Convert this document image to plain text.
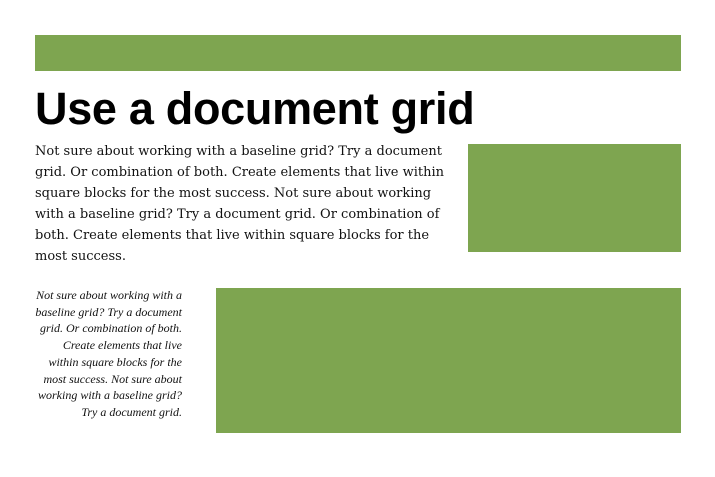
Use a document grid

Not sure about working with a baseline grid? Try a document grid. Or combination of both. Create elements that live within square blocks for the most success. Not sure about working with a baseline grid? Try a document grid. Or combination of both. Create elements that live within square blocks for the most success.

Not sure about working with a baseline grid? Try a document grid. Or combination of both. Create elements that live within square blocks for the most success. Not sure about working with a baseline grid? Try a document grid.
